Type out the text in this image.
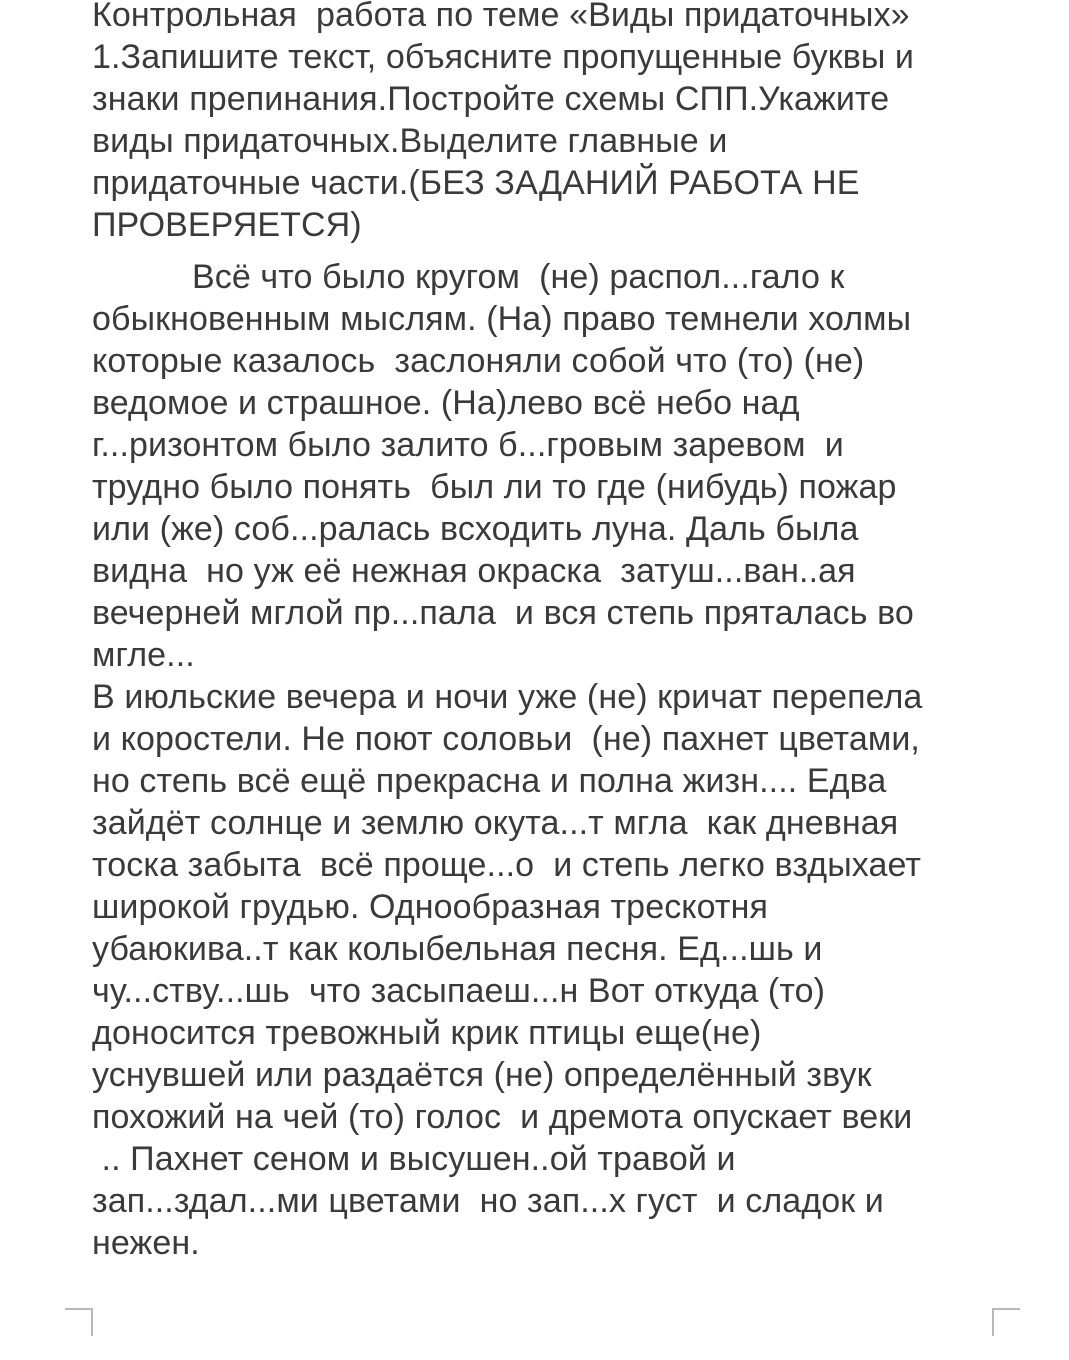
Контрольная  работа по теме «Виды придаточных»
1.Запишите текст, объясните пропущенные буквы и
знаки препинания.Постройте схемы СПП.Укажите
виды придаточных.Выделите главные и
придаточные части.(БЕЗ ЗАДАНИЙ РАБОТА НЕ
ПРОВЕРЯЕТСЯ)
Всё что было кругом  (не) распол...гало к
обыкновенным мыслям. (На) право темнели холмы
которые казалось  заслоняли собой что (то) (не)
ведомое и страшное. (На)лево всё небо над
г...ризонтом было залито б...гровым заревом  и
трудно было понять  был ли то где (нибудь) пожар
или (же) соб...ралась всходить луна. Даль была
видна  но уж её нежная окраска  затуш...ван..ая
вечерней мглой пр...пала  и вся степь пряталась во
мгле...
В июльские вечера и ночи уже (не) кричат перепела
и коростели. Не поют соловьи  (не) пахнет цветами,
но степь всё ещё прекрасна и полна жизн.... Едва
зайдёт солнце и землю окута...т мгла  как дневная
тоска забыта  всё проще...о  и степь легко вздыхает
широкой грудью. Однообразная трескотня
убаюкива..т как колыбельная песня. Ед...шь и
чу...ству...шь  что засыпаеш...н Вот откуда (то)
доносится тревожный крик птицы еще(не)
уснувшей или раздаётся (не) определённый звук
похожий на чей (то) голос  и дремота опускает веки
.. Пахнет сеном и высушен..ой травой и
зап...здал...ми цветами  но зап...х густ  и сладок и
нежен.
